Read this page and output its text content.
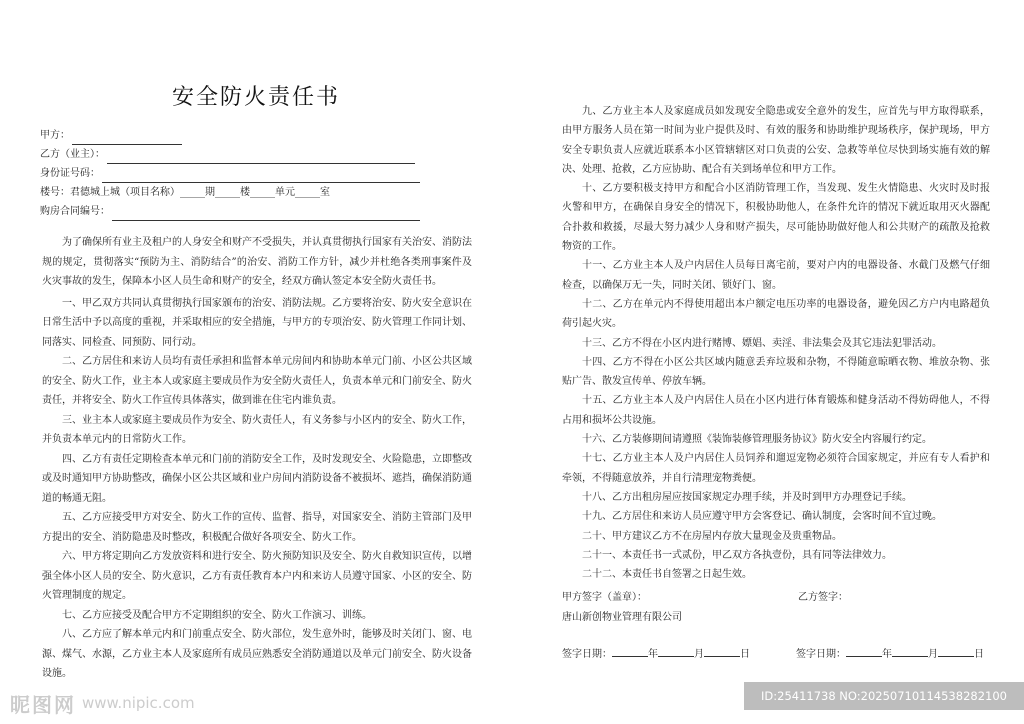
安全防火责任书
甲方：
乙方（业主）：
身份证号码：
楼号：君德城上城（项目名称）_____期_____楼_____单元_____室
购房合同编号：

为了确保所有业主及租户的人身安全和财产不受损失，并认真贯彻执行国家有关治安、消防法规的规定，贯彻落实“预防为主、消防结合”的治安、消防工作方针，减少并杜绝各类刑事案件及火灾事故的发生，保障本小区人员生命和财产的安全，经双方确认签定本安全防火责任书。

一、甲乙双方共同认真贯彻执行国家颁布的治安、消防法规。乙方要将治安、防火安全意识在日常生活中予以高度的重视，并采取相应的安全措施，与甲方的专项治安、防火管理工作同计划、同落实、同检查、同预防、同行动。

二、乙方居住和来访人员均有责任承担和监督本单元房间内和协助本单元门前、小区公共区域的安全、防火工作，业主本人或家庭主要成员作为安全防火责任人，负责本单元和门前安全、防火责任，并将安全、防火工作宣传具体落实，做到谁在住宅内谁负责。

三、业主本人或家庭主要成员作为安全、防火责任人，有义务参与小区内的安全、防火工作，并负责本单元内的日常防火工作。

四、乙方有责任定期检查本单元和门前的消防安全工作，及时发现安全、火险隐患，立即整改或及时通知甲方协助整改，确保小区公共区域和业户房间内消防设备不被损坏、遮挡，确保消防通道的畅通无阻。

五、乙方应接受甲方对安全、防火工作的宣传、监督、指导，对国家安全、消防主管部门及甲方提出的安全、消防隐患及时整改，积极配合做好各项安全、防火工作。

六、甲方将定期向乙方发放资料和进行安全、防火预防知识及安全、防火自救知识宣传，以增强全体小区人员的安全、防火意识，乙方有责任教育本户内和来访人员遵守国家、小区的安全、防火管理制度的规定。

七、乙方应接受及配合甲方不定期组织的安全、防火工作演习、训练。

八、乙方应了解本单元内和门前重点安全、防火部位，发生意外时，能够及时关闭门、窗、电源、煤气、水源，乙方业主本人及家庭所有成员应熟悉安全消防通道以及单元门前安全、防火设备设施。

九、乙方业主本人及家庭成员如发现安全隐患或安全意外的发生，应首先与甲方取得联系，由甲方服务人员在第一时间为业户提供及时、有效的服务和协助维护现场秩序，保护现场，甲方安全专职负责人应就近联系本小区管辖辖区对口负责的公安、急救等单位尽快到场实施有效的解决、处理、抢救，乙方应协助、配合有关到场单位和甲方工作。

十、乙方要积极支持甲方和配合小区消防管理工作，当发现、发生火情隐患、火灾时及时报火警和甲方，在确保自身安全的情况下，积极协助他人，在条件允许的情况下就近取用灭火器配合扑救和救援，尽最大努力减少人身和财产损失，尽可能协助做好他人和公共财产的疏散及抢救物资的工作。

十一、乙方业主本人及户内居住人员每日离宅前，要对户内的电器设备、水截门及燃气仔细检查，以确保万无一失，同时关闭、锁好门、窗。

十二、乙方在单元内不得使用超出本户额定电压功率的电器设备，避免因乙方户内电路超负荷引起火灾。

十三、乙方不得在小区内进行赌博、嫖娼、卖淫、非法集会及其它违法犯罪活动。

十四、乙方不得在小区公共区域内随意丢弃垃圾和杂物，不得随意晾晒衣物、堆放杂物、张贴广告、散发宣传单、停放车辆。

十五、乙方业主本人及户内居住人员在小区内进行体育锻炼和健身活动不得妨碍他人，不得占用和损坏公共设施。

十六、乙方装修期间请遵照《装饰装修管理服务协议》防火安全内容履行约定。

十七、乙方业主本人及户内居住人员饲养和遛逗宠物必须符合国家规定，并应有专人看护和牵领，不得随意放养，并自行清理宠物粪便。

十八、乙方出租房屋应按国家规定办理手续，并及时到甲方办理登记手续。

十九、乙方居住和来访人员应遵守甲方会客登记、确认制度，会客时间不宜过晚。

二十、甲方建议乙方不在房屋内存放大量现金及贵重物品。

二十一、本责任书一式贰份，甲乙双方各执壹份，具有同等法律效力。

二十二、本责任书自签署之日起生效。

甲方签字（盖章）：	乙方签字：
唐山新创物业管理有限公司
签字日期：	年	月	日	签字日期：	年	月	日
昵图网 www.nipic.com	ID:25411738 NO:20250710114538282100
